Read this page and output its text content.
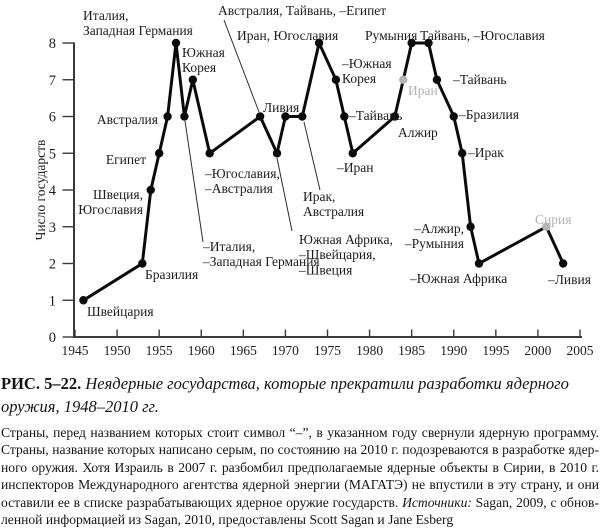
0
1
2
3
4
5
6
7
8
1945 1950 1955 1960 1965 1970 1975 1980 1985 1990 1995 2000 2005
Число государств
Швейцария
Бразилия
Швеция,
Югославия
Египет
Австралия
Италия,
Западная Германия
Южная
Корея
–Югославия,
–Австралия
–Италия,
–Западная Германия
Австралия, Тайвань, –Египет
Иран, Югославия
Ливия
Южная Африка,
–Швейцария,
–Швеция
Ирак,
Австралия
–Южная
Корея
–Тайвань
–Иран
Алжир
Иран
Румыния Тайвань, –Югославия
–Тайвань
–Бразилия
–Ирак
–Алжир,
–Румыния
–Южная Африка
Сирия
–Ливия
РИС. 5–22. Неядерные государства, которые прекратили разработки ядерного
оружия, 1948–2010 гг.
Страны, перед названием которых стоит символ “–”, в указанном году свернули ядерную программу.
Страны, название которых написано серым, по состоянию на 2010 г. подозреваются в разработке ядер-
ного оружия. Хотя Израиль в 2007 г. разбомбил предполагаемые ядерные объекты в Сирии, в 2010 г.
инспекторов Международного агентства ядерной энергии (МАГАТЭ) не впустили в эту страну, и они
оставили ее в списке разрабатывающих ядерное оружие государств. Источники: Sagan, 2009, с обнов-
ленной информацией из Sagan, 2010, предоставлены Scott Sagan и Jane Esberg
